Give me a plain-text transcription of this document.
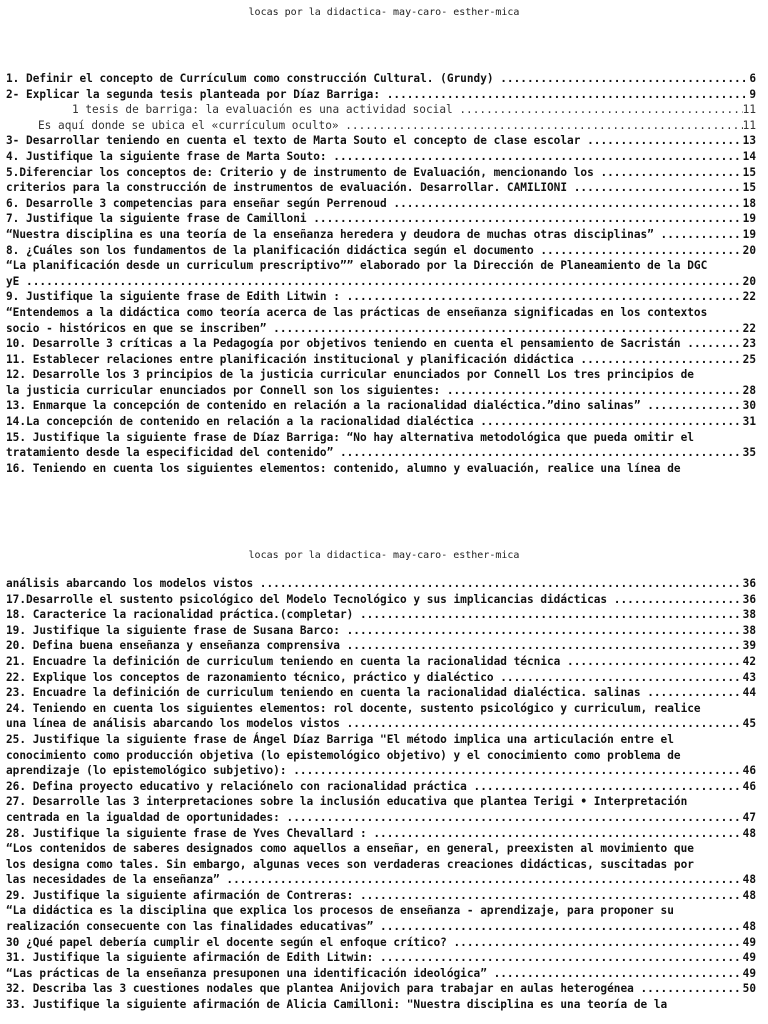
locas por la didactica- may-caro- esther-mica
1. Definir el concepto de Currículum como construcción Cultural. (Grundy) .....	6
2- Explicar la segunda tesis planteada por Díaz Barriga: .....	9
1 tesis de barriga: la evaluación es una actividad social .....	11
Es aquí donde se ubica el «currículum oculto» .....	11
3- Desarrollar teniendo en cuenta el texto de Marta Souto el concepto de clase escolar .....	13
4. Justifique la siguiente frase de Marta Souto: .....	14
5.Diferenciar los conceptos de: Criterio y de instrumento de Evaluación, mencionando los .....	15
criterios para la construcción de instrumentos de evaluación. Desarrollar. CAMILIONI .....	15
6. Desarrolle 3 competencias para enseñar según Perrenoud .....	18
7. Justifique la siguiente frase de Camilloni .....	19
“Nuestra disciplina es una teoría de la enseñanza heredera y deudora de muchas otras disciplinas” .....	19
8. ¿Cuáles son los fundamentos de la planificación didáctica según el documento .....	20
“La planificación desde un curriculum prescriptivo”” elaborado por la Dirección de Planeamiento de la DGC
yE .....	20
9. Justifique la siguiente frase de Edith Litwin : .....	22
“Entendemos a la didáctica como teoría acerca de las prácticas de enseñanza significadas en los contextos
socio - históricos en que se inscriben” .....	22
10. Desarrolle 3 críticas a la Pedagogía por objetivos teniendo en cuenta el pensamiento de Sacristán .....	23
11. Establecer relaciones entre planificación institucional y planificación didáctica .....	25
12. Desarrolle los 3 principios de la justicia curricular enunciados por Connell Los tres principios de
la justicia curricular enunciados por Connell son los siguientes: .....	28
13. Enmarque la concepción de contenido en relación a la racionalidad dialéctica.”dino salinas” .....	30
14.La concepción de contenido en relación a la racionalidad dialéctica .....	31
15. Justifique la siguiente frase de Díaz Barriga: “No hay alternativa metodológica que pueda omitir el
tratamiento desde la especificidad del contenido” .....	35
16. Teniendo en cuenta los siguientes elementos: contenido, alumno y evaluación, realice una línea de
locas por la didactica- may-caro- esther-mica
análisis abarcando los modelos vistos .....	36
17.Desarrolle el sustento psicológico del Modelo Tecnológico y sus implicancias didácticas .....	36
18. Caracterice la racionalidad práctica.(completar) .....	38
19. Justifique la siguiente frase de Susana Barco: .....	38
20. Defina buena enseñanza y enseñanza comprensiva .....	39
21. Encuadre la definición de curriculum teniendo en cuenta la racionalidad técnica .....	42
22. Explique los conceptos de razonamiento técnico, práctico y dialéctico .....	43
23. Encuadre la definición de curriculum teniendo en cuenta la racionalidad dialéctica. salinas .....	44
24. Teniendo en cuenta los siguientes elementos: rol docente, sustento psicológico y curriculum, realice
una línea de análisis abarcando los modelos vistos .....	45
25. Justifique la siguiente frase de Ángel Díaz Barriga "El método implica una articulación entre el
conocimiento como producción objetiva (lo epistemológico objetivo) y el conocimiento como problema de
aprendizaje (lo epistemológico subjetivo): .....	46
26. Defina proyecto educativo y relaciónelo con racionalidad práctica .....	46
27. Desarrolle las 3 interpretaciones sobre la inclusión educativa que plantea Terigi • Interpretación
centrada en la igualdad de oportunidades: .....	47
28. Justifique la siguiente frase de Yves Chevallard : .....	48
“Los contenidos de saberes designados como aquellos a enseñar, en general, preexisten al movimiento que
los designa como tales. Sin embargo, algunas veces son verdaderas creaciones didácticas, suscitadas por
las necesidades de la enseñanza” .....	48
29. Justifique la siguiente afirmación de Contreras: .....	48
“La didáctica es la disciplina que explica los procesos de enseñanza - aprendizaje, para proponer su
realización consecuente con las finalidades educativas” .....	48
30 ¿Qué papel debería cumplir el docente según el enfoque crítico? .....	49
31. Justifique la siguiente afirmación de Edith Litwin: .....	49
“Las prácticas de la enseñanza presuponen una identificación ideológica” .....	49
32. Describa las 3 cuestiones nodales que plantea Anijovich para trabajar en aulas heterogénea .....	50
33. Justifique la siguiente afirmación de Alicia Camilloni: "Nuestra disciplina es una teoría de la
